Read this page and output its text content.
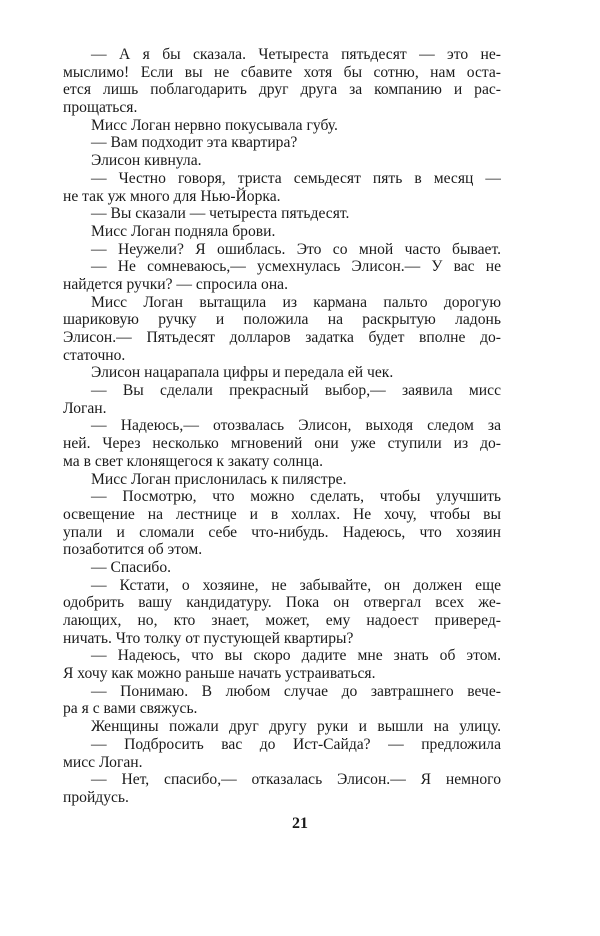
— А я бы сказала. Четыреста пятьдесят — это не-
мыслимо! Если вы не сбавите хотя бы сотню, нам оста-
ется лишь поблагодарить друг друга за компанию и рас-
прощаться.
Мисс Логан нервно покусывала губу.
— Вам подходит эта квартира?
Элисон кивнула.
— Честно говоря, триста семьдесят пять в месяц —
не так уж много для Нью-Йорка.
— Вы сказали — четыреста пятьдесят.
Мисс Логан подняла брови.
— Неужели? Я ошиблась. Это со мной часто бывает.
— Не сомневаюсь,— усмехнулась Элисон.— У вас не
найдется ручки? — спросила она.
Мисс Логан вытащила из кармана пальто дорогую
шариковую ручку и положила на раскрытую ладонь
Элисон.— Пятьдесят долларов задатка будет вполне до-
статочно.
Элисон нацарапала цифры и передала ей чек.
— Вы сделали прекрасный выбор,— заявила мисс
Логан.
— Надеюсь,— отозвалась Элисон, выходя следом за
ней. Через несколько мгновений они уже ступили из до-
ма в свет клонящегося к закату солнца.
Мисс Логан прислонилась к пилястре.
— Посмотрю, что можно сделать, чтобы улучшить
освещение на лестнице и в холлах. Не хочу, чтобы вы
упали и сломали себе что-нибудь. Надеюсь, что хозяин
позаботится об этом.
— Спасибо.
— Кстати, о хозяине, не забывайте, он должен еще
одобрить вашу кандидатуру. Пока он отвергал всех же-
лающих, но, кто знает, может, ему надоест приверед-
ничать. Что толку от пустующей квартиры?
— Надеюсь, что вы скоро дадите мне знать об этом.
Я хочу как можно раньше начать устраиваться.
— Понимаю. В любом случае до завтрашнего вече-
ра я с вами свяжусь.
Женщины пожали друг другу руки и вышли на улицу.
— Подбросить вас до Ист-Сайда? — предложила
мисс Логан.
— Нет, спасибо,— отказалась Элисон.— Я немного
пройдусь.
21
